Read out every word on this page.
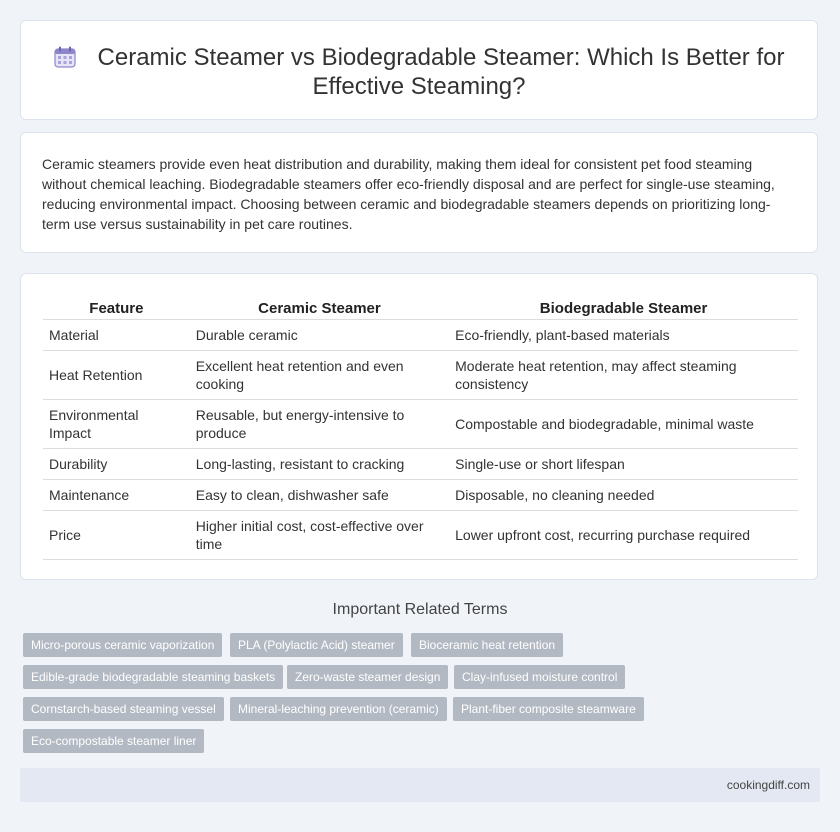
Ceramic Steamer vs Biodegradable Steamer: Which Is Better for Effective Steaming?
Ceramic steamers provide even heat distribution and durability, making them ideal for consistent pet food steaming without chemical leaching. Biodegradable steamers offer eco-friendly disposal and are perfect for single-use steaming, reducing environmental impact. Choosing between ceramic and biodegradable steamers depends on prioritizing long-term use versus sustainability in pet care routines.
Feature	Ceramic Steamer	Biodegradable Steamer
Material	Durable ceramic	Eco-friendly, plant-based materials
Heat Retention	Excellent heat retention and even cooking	Moderate heat retention, may affect steaming consistency
Environmental Impact	Reusable, but energy-intensive to produce	Compostable and biodegradable, minimal waste
Durability	Long-lasting, resistant to cracking	Single-use or short lifespan
Maintenance	Easy to clean, dishwasher safe	Disposable, no cleaning needed
Price	Higher initial cost, cost-effective over time	Lower upfront cost, recurring purchase required
Important Related Terms
Micro-porous ceramic vaporization	PLA (Polylactic Acid) steamer	Bioceramic heat retention
Edible-grade biodegradable steaming baskets	Zero-waste steamer design	Clay-infused moisture control
Cornstarch-based steaming vessel	Mineral-leaching prevention (ceramic)	Plant-fiber composite steamware
Eco-compostable steamer liner
cookingdiff.com
